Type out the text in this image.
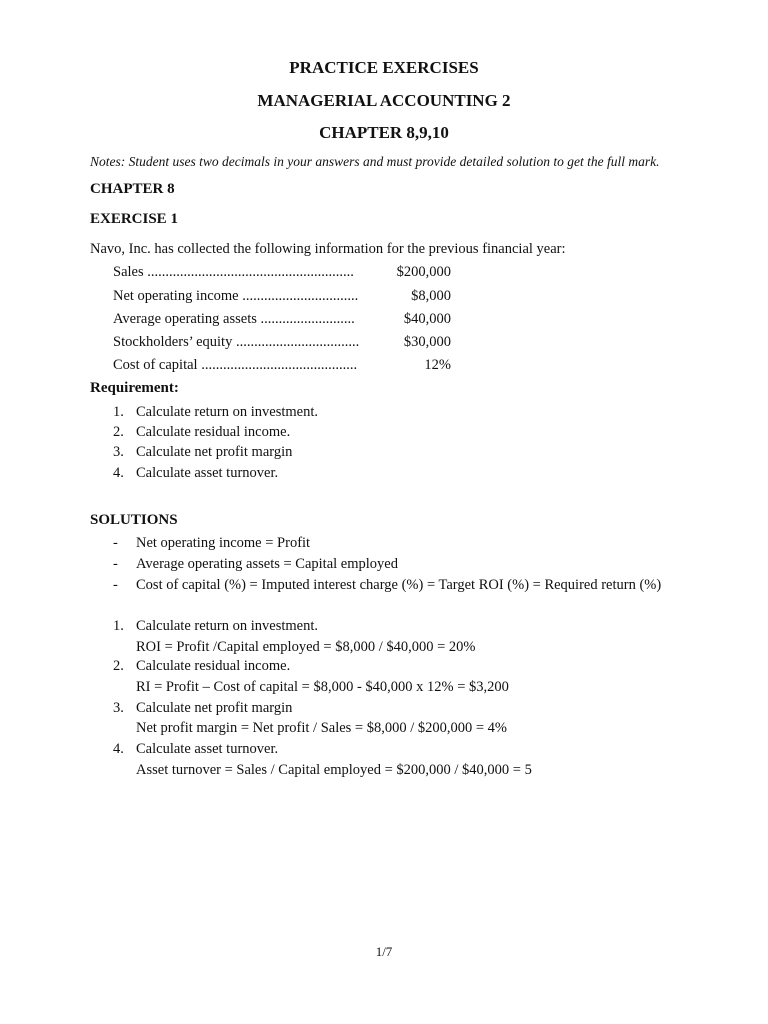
PRACTICE EXERCISES
MANAGERIAL ACCOUNTING 2
CHAPTER 8,9,10
Notes: Student uses two decimals in your answers and must provide detailed solution to get the full mark.
CHAPTER 8
EXERCISE 1
Navo, Inc. has collected the following information for the previous financial year:
Sales .........................................................	$200,000
Net operating income ................................	$8,000
Average operating assets ..........................	$40,000
Stockholders’ equity ..................................	$30,000
Cost of capital ...........................................	12%
Requirement:
1. Calculate return on investment.
2. Calculate residual income.
3. Calculate net profit margin
4. Calculate asset turnover.
SOLUTIONS
- Net operating income = Profit
- Average operating assets = Capital employed
- Cost of capital (%) = Imputed interest charge (%) = Target ROI (%) = Required return (%)
1. Calculate return on investment.
ROI = Profit /Capital employed = $8,000 / $40,000 = 20%
2. Calculate residual income.
RI = Profit – Cost of capital = $8,000 - $40,000 x 12% = $3,200
3. Calculate net profit margin
Net profit margin = Net profit / Sales = $8,000 / $200,000 = 4%
4. Calculate asset turnover.
Asset turnover = Sales / Capital employed = $200,000 / $40,000 = 5
1/7
